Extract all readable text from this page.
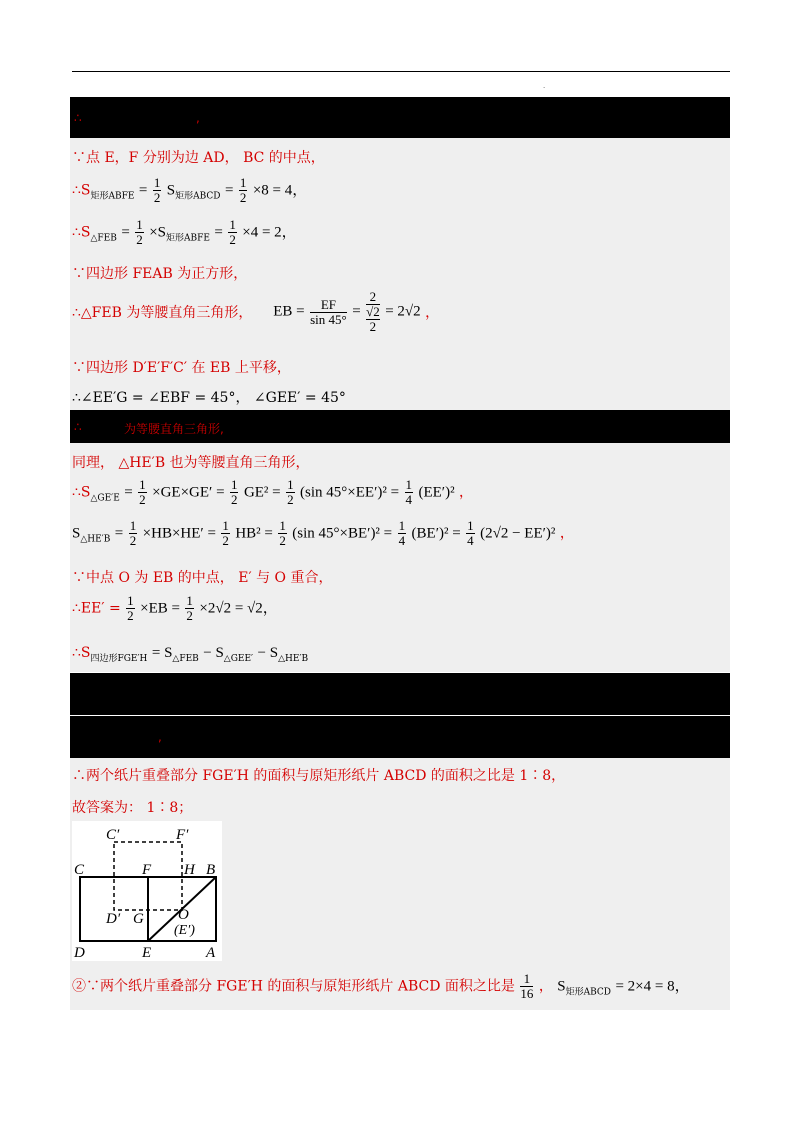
.
∴	,
∴	为等腰直角三角形,
,
∵点 E，F 分别为边 AD， BC 的中点，
$\therefore S_{矩形ABFE} = \frac{1}{2} S_{矩形ABCD} = \frac{1}{2} \times 8 = 4$，
$\therefore S_{\triangle FEB} = \frac{1}{2} \times S_{矩形ABFE} = \frac{1}{2} \times 4 = 2$，
∵四边形 FEAB 为正方形，
∴△FEB 为等腰直角三角形， EB = $\frac{EF}{\sin 45^\circ}$ =
2
√2
2
= 2√2 ，
∵四边形 D′E′F′C′ 在 EB 上平移，
∴∠EE′G = ∠EBF = 45°， ∠GEE′ = 45°
同理， △HE′B 也为等腰直角三角形，
$\therefore S_{\triangle GE'E} = \frac{1}{2} \times GE\times GE' = \frac{1}{2} GE^2 = \frac{1}{2} (\sin$ $45^\circ\times EE')^2 = \frac{1}{4} (EE')^2$ ，
$S_{\triangle HE'B} = \frac{1}{2} \times HB\times HE' = \frac{1}{2} HB^2 = \frac{1}{2} (\sin$ $45^\circ\times BE')^2 = \frac{1}{4} (BE')^2 = \frac{1}{4} (2√2 - EE')^2$ ，
∵中点 O 为 EB 的中点， E′ 与 O 重合，
∴EE′ = $\frac{1}{2} \times EB = \frac{1}{2} \times 2√2 = √2$，
$\therefore S_{四边形FGE'H} = S_{\triangle FEB} - S_{\triangle GEE'} - S_{\triangle HE'B}$
∴两个纸片重叠部分 FGE′H 的面积与原矩形纸片 ABCD 的面积之比是 1∶8，
故答案为： 1∶8；
C′	F′
C	F H B
D′ G O
(E′)
D	E	A
②∵两个纸片重叠部分 FGE′H 的面积与原矩形纸片 ABCD 面积之比是 $\frac{1}{16}$ ， $S_{矩形ABCD} = 2\times 4 = 8$，
